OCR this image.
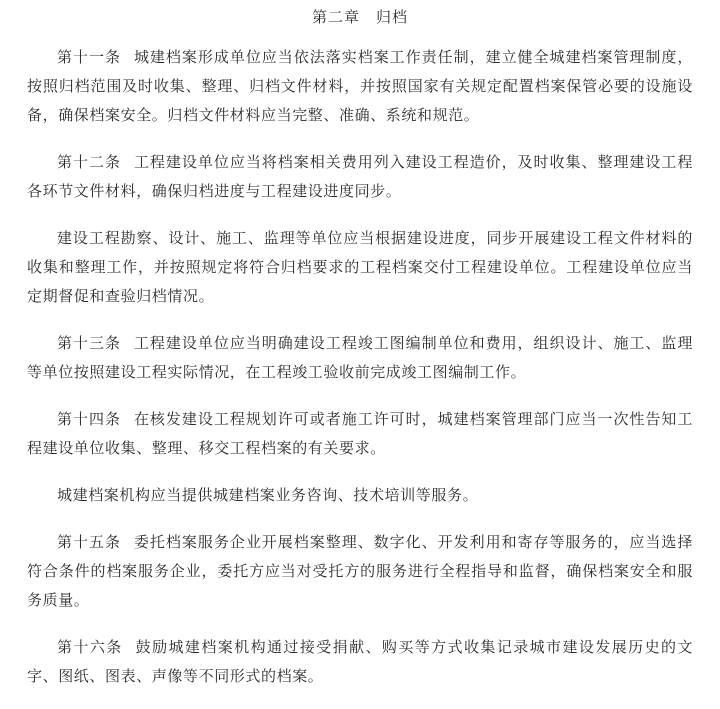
第二章　归档

第十一条 城建档案形成单位应当依法落实档案工作责任制，建立健全城建档案管理制度，按照归档范围及时收集、整理、归档文件材料，并按照国家有关规定配置档案保管必要的设施设备，确保档案安全。归档文件材料应当完整、准确、系统和规范。

第十二条 工程建设单位应当将档案相关费用列入建设工程造价，及时收集、整理建设工程各环节文件材料，确保归档进度与工程建设进度同步。

建设工程勘察、设计、施工、监理等单位应当根据建设进度，同步开展建设工程文件材料的收集和整理工作，并按照规定将符合归档要求的工程档案交付工程建设单位。工程建设单位应当定期督促和查验归档情况。

第十三条 工程建设单位应当明确建设工程竣工图编制单位和费用，组织设计、施工、监理等单位按照建设工程实际情况，在工程竣工验收前完成竣工图编制工作。

第十四条 在核发建设工程规划许可或者施工许可时，城建档案管理部门应当一次性告知工程建设单位收集、整理、移交工程档案的有关要求。

城建档案机构应当提供城建档案业务咨询、技术培训等服务。

第十五条 委托档案服务企业开展档案整理、数字化、开发利用和寄存等服务的，应当选择符合条件的档案服务企业，委托方应当对受托方的服务进行全程指导和监督，确保档案安全和服务质量。

第十六条 鼓励城建档案机构通过接受捐献、购买等方式收集记录城市建设发展历史的文字、图纸、图表、声像等不同形式的档案。
